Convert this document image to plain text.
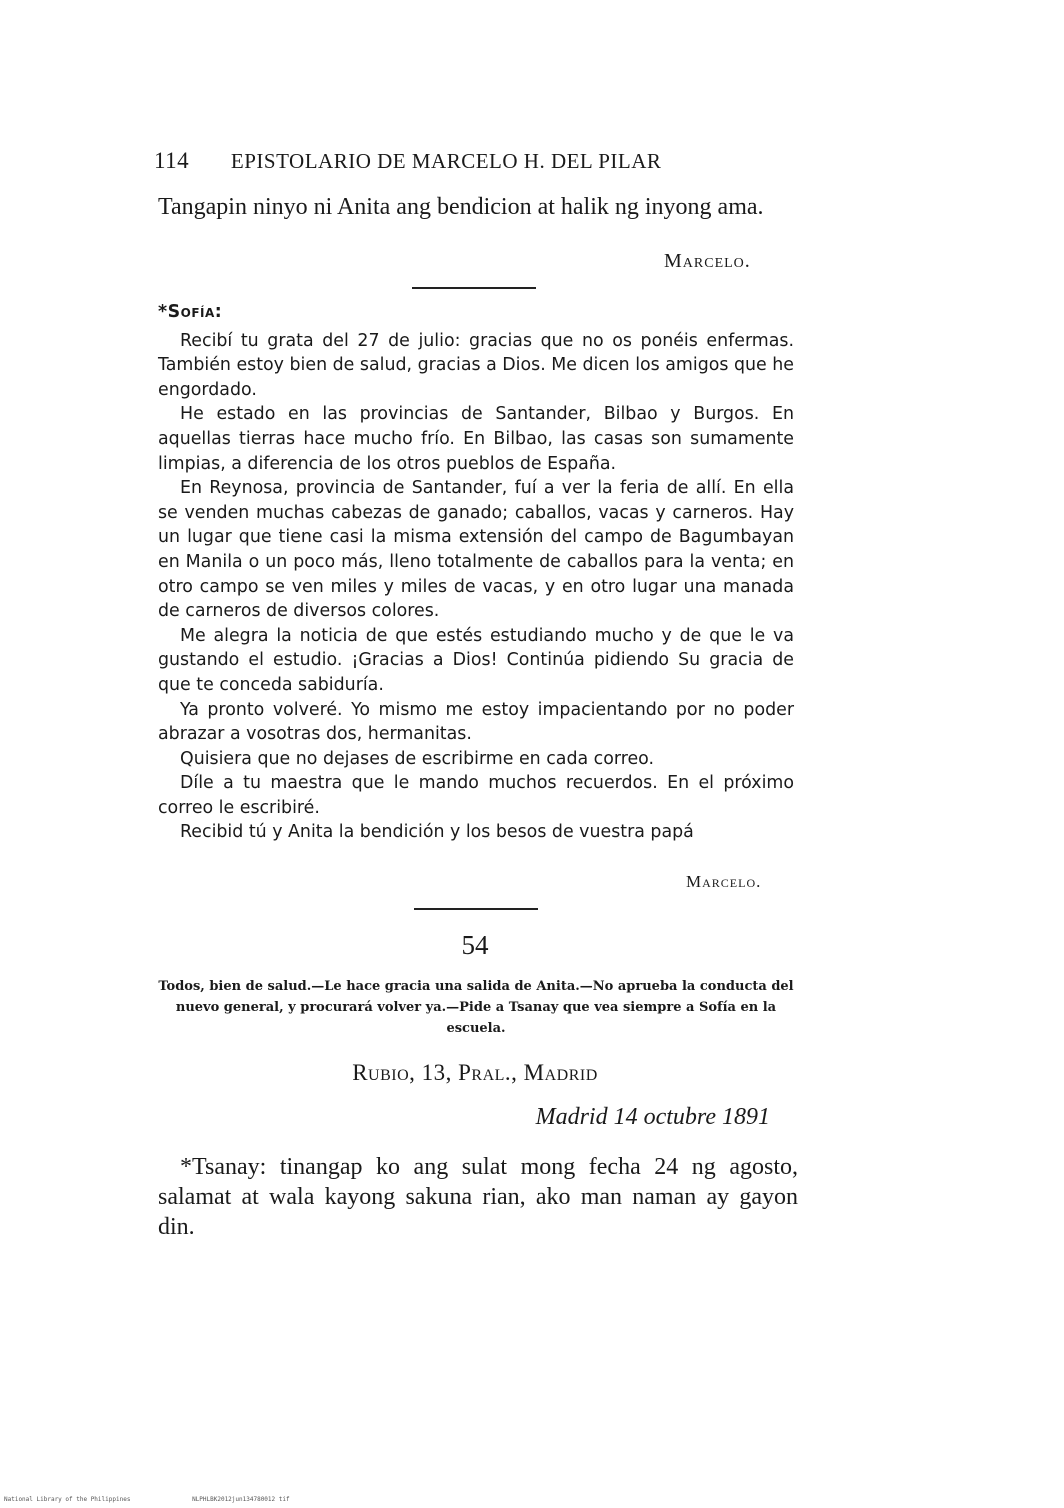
114 EPISTOLARIO DE MARCELO H. DEL PILAR
Tangapin ninyo ni Anita ang bendicion at halik ng inyong ama.
Marcelo.

*Sofía:

Recibí tu grata del 27 de julio: gracias que no os ponéis enfermas. También estoy bien de salud, gracias a Dios. Me dicen los amigos que he engordado.

He estado en las provincias de Santander, Bilbao y Burgos. En aquellas tierras hace mucho frío. En Bilbao, las casas son sumamente limpias, a diferencia de los otros pueblos de España.

En Reynosa, provincia de Santander, fuí a ver la feria de allí. En ella se venden muchas cabezas de ganado; caballos, vacas y carneros. Hay un lugar que tiene casi la misma extensión del campo de Bagumbayan en Manila o un poco más, lleno totalmente de caballos para la venta; en otro campo se ven miles y miles de vacas, y en otro lugar una manada de carneros de diversos colores.

Me alegra la noticia de que estés estudiando mucho y de que le va gustando el estudio. ¡Gracias a Dios! Continúa pidiendo Su gracia de que te conceda sabiduría.

Ya pronto volveré. Yo mismo me estoy impacientando por no poder abrazar a vosotras dos, hermanitas.

Quisiera que no dejases de escribirme en cada correo.

Díle a tu maestra que le mando muchos recuerdos. En el próximo correo le escribiré.

Recibid tú y Anita la bendición y los besos de vuestra papá

Marcelo.
54
Todos, bien de salud.—Le hace gracia una salida de Anita.—No aprueba la conducta del nuevo general, y procurará volver ya.—Pide a Tsanay que vea siempre a Sofía en la escuela.
Rubio, 13, Pral., Madrid
Madrid 14 octubre 1891
*Tsanay: tinangap ko ang sulat mong fecha 24 ng agosto, salamat at wala kayong sakuna rian, ako man naman ay gayon din.
National Library of the Philippines	NLPHLBK2012jun134780012 tif
